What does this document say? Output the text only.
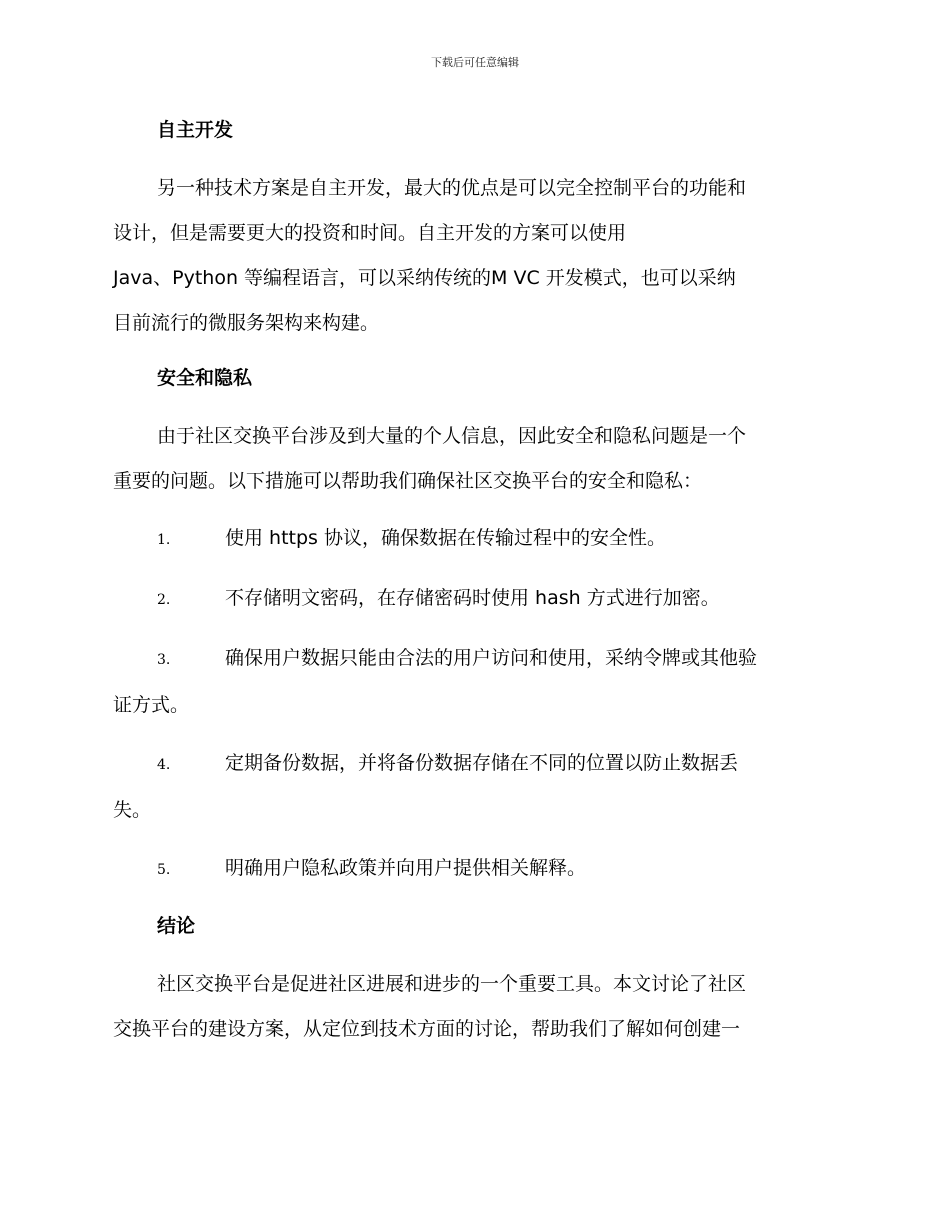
下载后可任意编辑
自主开发
另一种技术方案是自主开发，最大的优点是可以完全控制平台的功能和
设计，但是需要更大的投资和时间。自主开发的方案可以使用
Java、Python 等编程语言，可以采纳传统的M VC 开发模式，也可以采纳
目前流行的微服务架构来构建。
安全和隐私
由于社区交换平台涉及到大量的个人信息，因此安全和隐私问题是一个
重要的问题。以下措施可以帮助我们确保社区交换平台的安全和隐私：
1.	使用 https 协议，确保数据在传输过程中的安全性。
2.	不存储明文密码，在存储密码时使用 hash 方式进行加密。
3.	确保用户数据只能由合法的用户访问和使用，采纳令牌或其他验
证方式。
4.	定期备份数据，并将备份数据存储在不同的位置以防止数据丢
失。
5.	明确用户隐私政策并向用户提供相关解释。
结论
社区交换平台是促进社区进展和进步的一个重要工具。本文讨论了社区
交换平台的建设方案，从定位到技术方面的讨论，帮助我们了解如何创建一
